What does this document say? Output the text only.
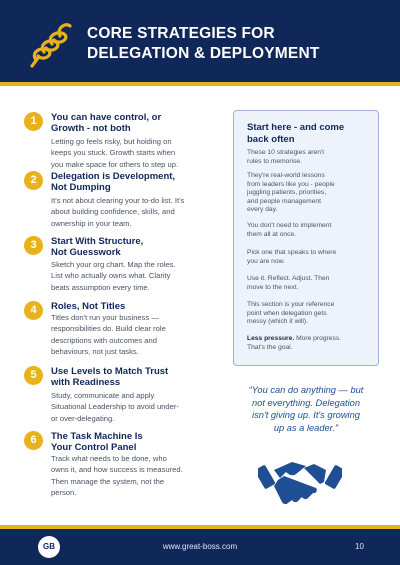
CORE STRATEGIES FOR
DELEGATION & DEPLOYMENT
1	You can have control, or
Growth - not both
Letting go feels risky, but holding on
keeps you stuck. Growth starts when
you make space for others to step up.
2	Delegation is Development,
Not Dumping
It's not about clearing your to-do list. It's
about building confidence, skills, and
ownership in your team.
3	Start With Structure,
Not Guesswork
Sketch your org chart. Map the roles.
List who actually owns what. Clarity
beats assumption every time.
4	Roles, Not Titles
Titles don't run your business —
responsibilities do. Build clear role
descriptions with outcomes and
behaviours, not just tasks.
5	Use Levels to Match Trust
with Readiness
Study, communicate and apply
Situational Leadership to avoid under-
or over-delegating.
6	The Task Machine Is
Your Control Panel
Track what needs to be done, who
owns it, and how success is measured.
Then manage the system, not the
person.
Start here - and come
back often
These 10 strategies aren't
rules to memorise.
They're real-world lessons
from leaders like you - people
juggling patients, priorities,
and people management
every day.
You don't need to implement
them all at once.
Pick one that speaks to where
you are now.
Use it. Reflect. Adjust. Then
move to the next.
This section is your reference
point when delegation gets
messy (which it will).
Less pressure. More progress.
That's the goal.
“You can do anything — but
not everything. Delegation
isn't giving up. It's growing
up as a leader.”
GB	www.great-boss.com	10
